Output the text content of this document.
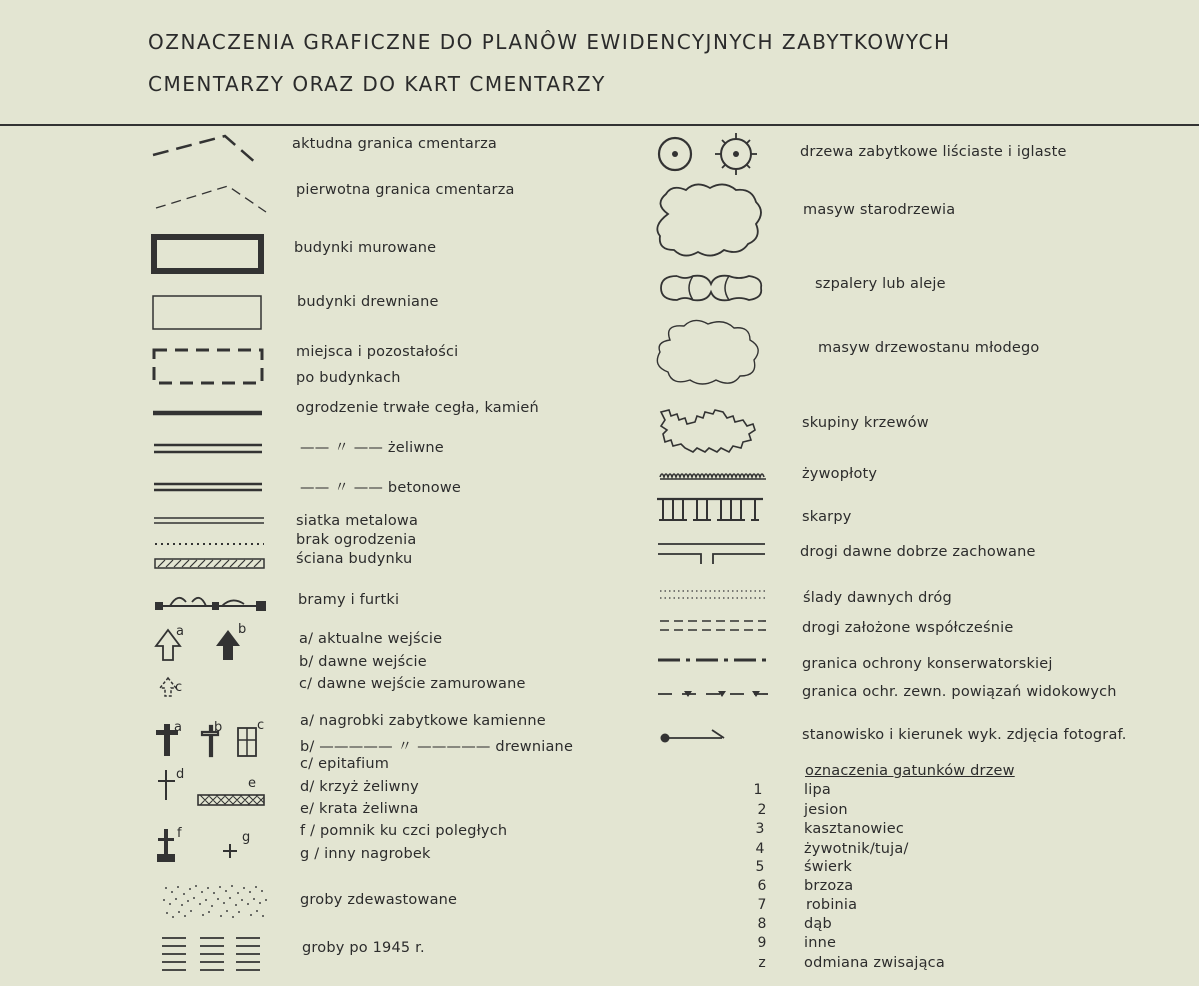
OZNACZENIA GRAFICZNE DO PLANÔW EWIDENCYJNYCH ZABYTKOWYCH
CMENTARZY ORAZ DO KART CMENTARZY
aktudna granica cmentarza
pierwotna granica cmentarza
budynki murowane
budynki drewniane
miejsca i pozostałości
po budynkach
ogrodzenie trwałe cegła, kamień
—— 〃 —— żeliwne
—— 〃 —— betonowe
siatka metalowa
brak ogrodzenia
ściana budynku
bramy i furtki
a	b
c
a/ aktualne wejście
b/ dawne wejście
c/ dawne wejście zamurowane
a b	c
d
e
f	g
a/ nagrobki zabytkowe kamienne
b/ ————— 〃 ————— drewniane
c/ epitafium
d/ krzyż żeliwny
e/ krata żeliwna
f / pomnik ku czci poległych
g / inny nagrobek
groby zdewastowane
groby po 1945 r.
drzewa zabytkowe liściaste i iglaste
masyw starodrzewia
szpalery lub aleje
masyw drzewostanu młodego
skupiny krzewów
żywopłoty
skarpy
drogi dawne dobrze zachowane
ślady dawnych dróg
drogi założone współcześnie
granica ochrony konserwatorskiej
granica ochr. zewn. powiązań widokowych
stanowisko i kierunek wyk. zdjęcia fotograf.
oznaczenia gatunków drzew
1	lipa
2	jesion
3	kasztanowiec
4	żywotnik/tuja/
5	świerk
6	brzoza
7	robinia
8	dąb
9	inne
z	odmiana zwisająca
